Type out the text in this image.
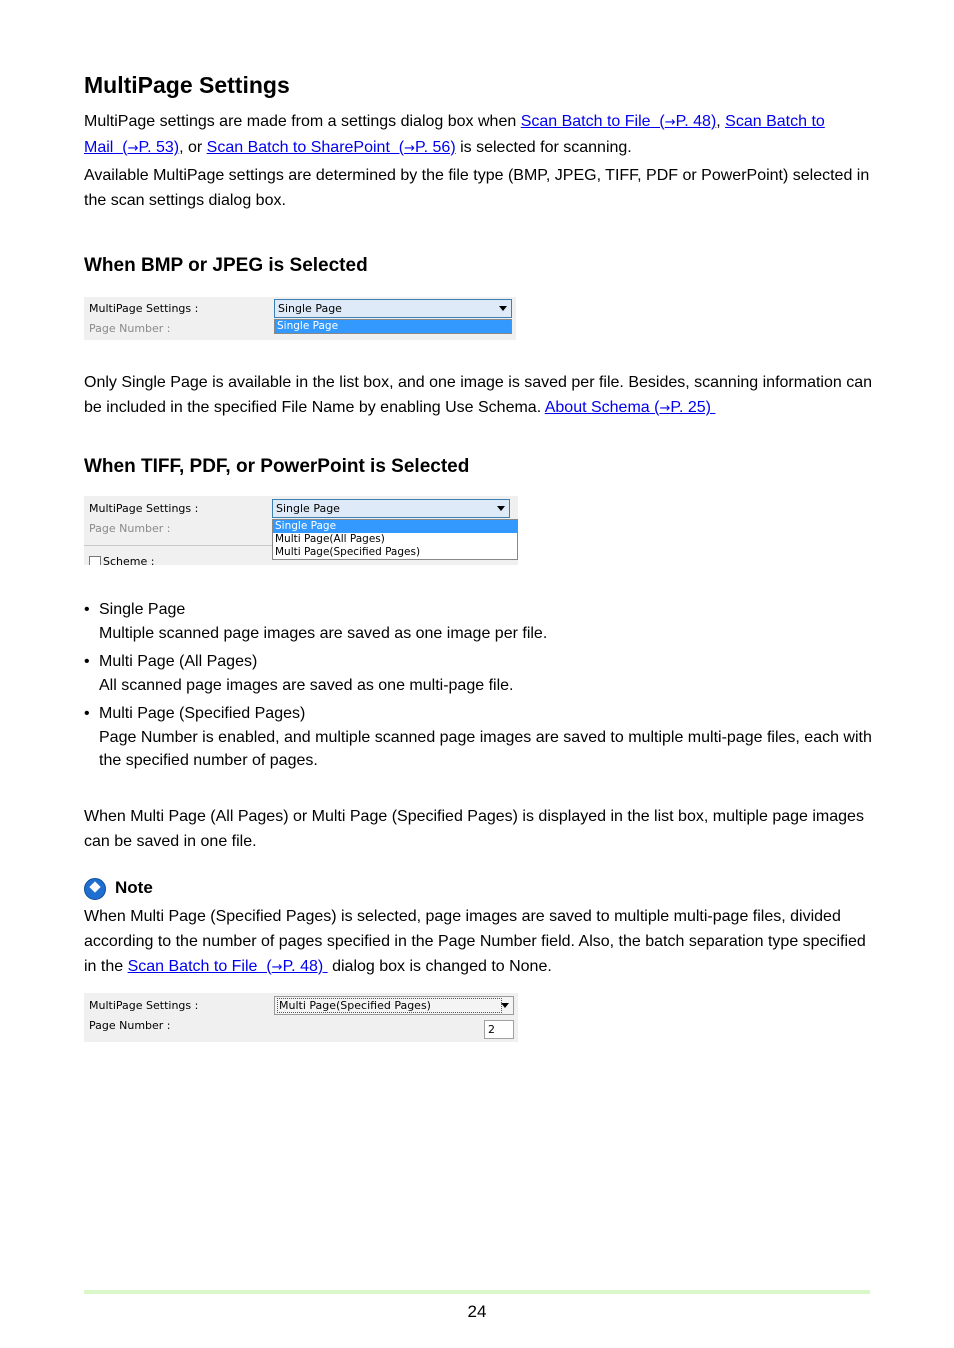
MultiPage Settings

MultiPage settings are made from a settings dialog box when Scan Batch to File  (→P. 48), Scan Batch to Mail  (→P. 53), or Scan Batch to SharePoint  (→P. 56) is selected for scanning.

Available MultiPage settings are determined by the file type (BMP, JPEG, TIFF, PDF or PowerPoint) selected in the scan settings dialog box.

When BMP or JPEG is Selected
MultiPage Settings :
Page Number :
Single Page
Single Page

Only Single Page is available in the list box, and one image is saved per file. Besides, scanning information can be included in the specified File Name by enabling Use Schema. About Schema (→P. 25)

When TIFF, PDF, or PowerPoint is Selected
MultiPage Settings :
Page Number :
Scheme :
Single Page
Single Page
Multi Page(All Pages)
Multi Page(Specified Pages)
• Single Page
Multiple scanned page images are saved as one image per file.
• Multi Page (All Pages)
All scanned page images are saved as one multi-page file.
• Multi Page (Specified Pages)
Page Number is enabled, and multiple scanned page images are saved to multiple multi-page files, each with the specified number of pages.

When Multi Page (All Pages) or Multi Page (Specified Pages) is displayed in the list box, multiple page images can be saved in one file.

Note

When Multi Page (Specified Pages) is selected, page images are saved to multiple multi-page files, divided according to the number of pages specified in the Page Number field. Also, the batch separation type specified in the Scan Batch to File  (→P. 48)  dialog box is changed to None.

MultiPage Settings :
Page Number :
Multi Page(Specified Pages)
2
24
